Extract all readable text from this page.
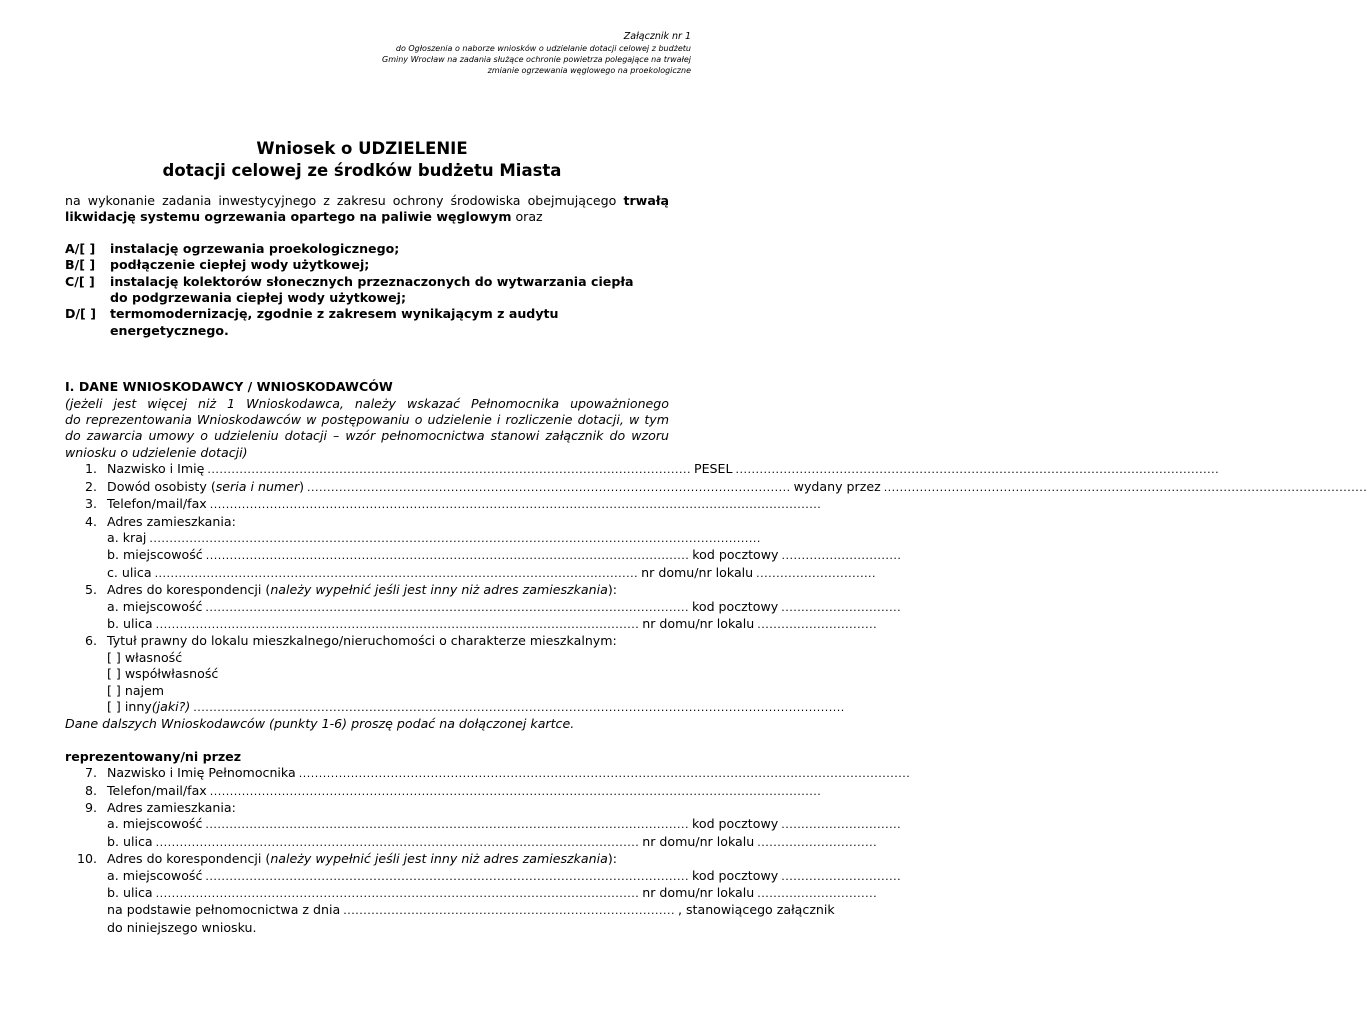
Załącznik nr 1
do Ogłoszenia o naborze wniosków o udzielanie dotacji celowej z budżetu
Gminy Wrocław na zadania służące ochronie powietrza polegające na trwałej
zmianie ogrzewania węglowego na proekologiczne
Wniosek o UDZIELENIE
dotacji celowej ze środków budżetu Miasta
na wykonanie zadania inwestycyjnego z zakresu ochrony środowiska obejmującego trwałą
likwidację systemu ogrzewania opartego na paliwie węglowym oraz
A/[ ]	instalację ogrzewania proekologicznego;
B/[ ]	podłączenie ciepłej wody użytkowej;
C/[ ]	instalację kolektorów słonecznych przeznaczonych do wytwarzania ciepła
do podgrzewania ciepłej wody użytkowej;
D/[ ]	termomodernizację, zgodnie z zakresem wynikającym z audytu energetycznego.
I. DANE WNIOSKODAWCY / WNIOSKODAWCÓW
(jeżeli jest więcej niż 1 Wnioskodawca, należy wskazać Pełnomocnika upoważnionego
do reprezentowania Wnioskodawców w postępowaniu o udzielenie i rozliczenie dotacji, w tym
do zawarcia umowy o udzieleniu dotacji – wzór pełnomocnictwa stanowi załącznik do wzoru
wniosku o udzielenie dotacji)
1. Nazwisko i Imię ......................................................................................................................... PESEL .........................................................................................................................
2. Dowód osobisty (seria i numer) ......................................................................................................................... wydany przez .........................................................................................................................
3. Telefon/mail/fax .........................................................................................................................................................
4. Adres zamieszkania:
a. kraj .........................................................................................................................................................
b. miejscowość ......................................................................................................................... kod pocztowy ..............................
c. ulica ......................................................................................................................... nr domu/nr lokalu ..............................
5. Adres do korespondencji (należy wypełnić jeśli jest inny niż adres zamieszkania):
a. miejscowość ......................................................................................................................... kod pocztowy ..............................
b. ulica ......................................................................................................................... nr domu/nr lokalu ..............................
6. Tytuł prawny do lokalu mieszkalnego/nieruchomości o charakterze mieszkalnym:
[ ] własność
[ ] współwłasność
[ ] najem
[ ] inny (jaki?) ...................................................................................................................................................................
Dane dalszych Wnioskodawców (punkty 1-6) proszę podać na dołączonej kartce.
reprezentowany/ni przez
7. Nazwisko i Imię Pełnomocnika .........................................................................................................................................................
8. Telefon/mail/fax .........................................................................................................................................................
9. Adres zamieszkania:
a. miejscowość ......................................................................................................................... kod pocztowy ..............................
b. ulica ......................................................................................................................... nr domu/nr lokalu ..............................
10. Adres do korespondencji (należy wypełnić jeśli jest inny niż adres zamieszkania):
a. miejscowość ......................................................................................................................... kod pocztowy ..............................
b. ulica ......................................................................................................................... nr domu/nr lokalu ..............................
na podstawie pełnomocnictwa z dnia ................................................................................... , stanowiącego załącznik
do niniejszego wniosku.
